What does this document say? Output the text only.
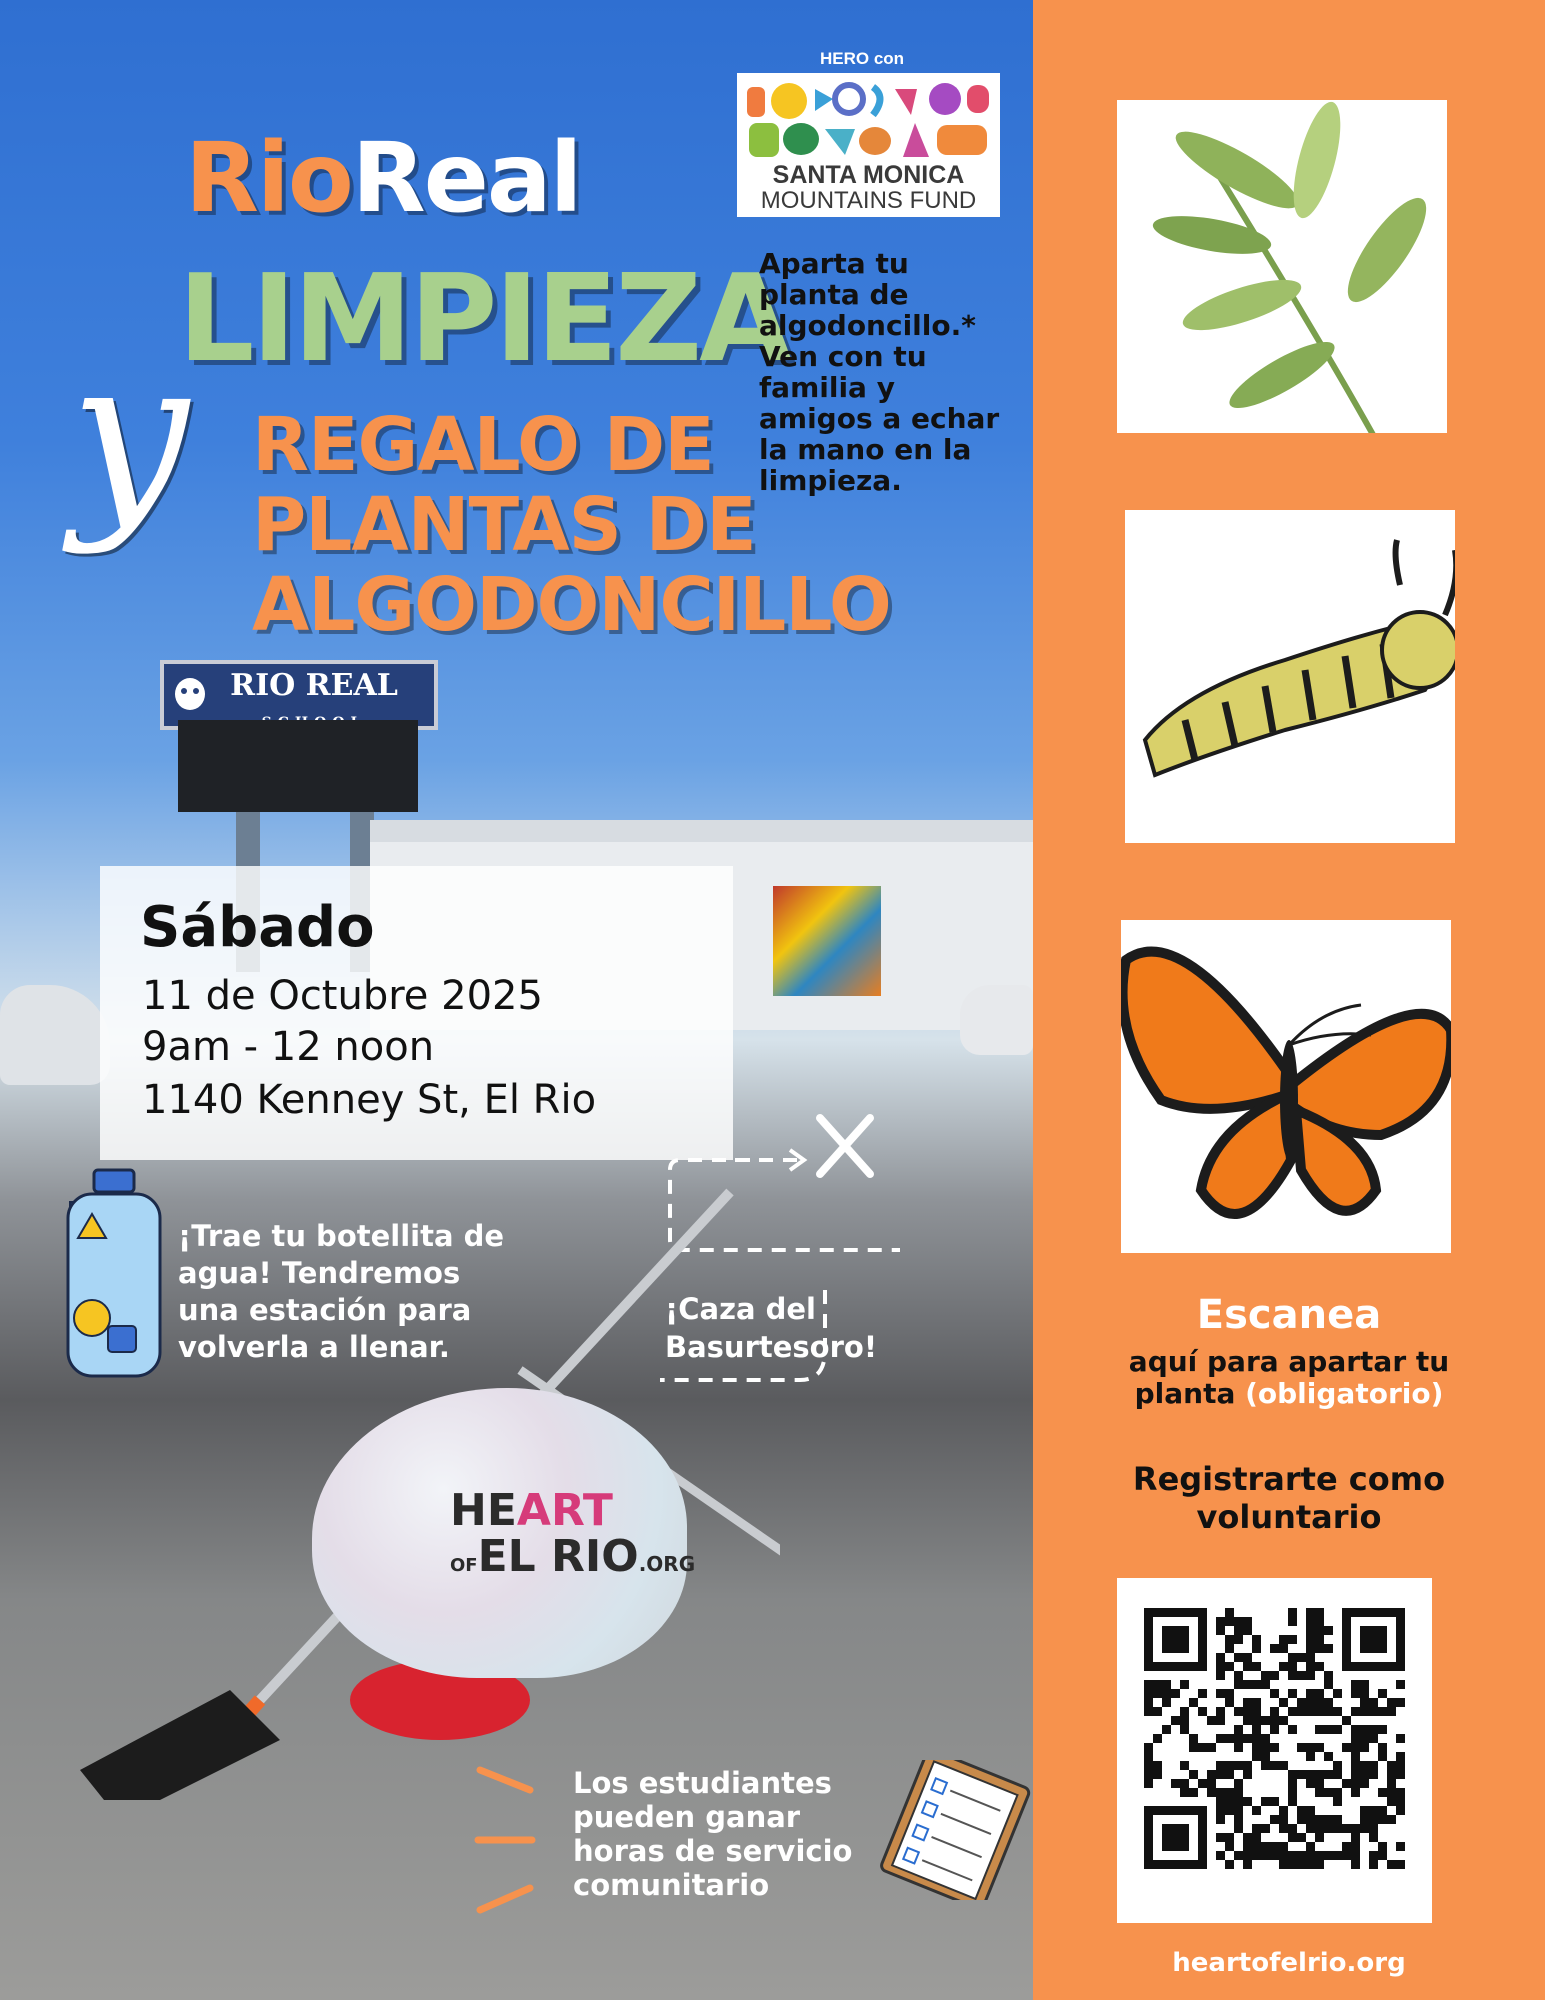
RIO REAL

RioReal
y
LIMPIEZA
REGALO DE
PLANTAS DE
ALGODONCILLO
HERO con
SANTA MONICA
MOUNTAINS FUND
Aparta tu
planta de
algodoncillo.*
Ven con tu
familia y
amigos a echar
la mano en la
limpieza.
Sábado
11 de Octubre 2025
9am - 12 noon
1140 Kenney St, El Rio
¡Trae tu botellita de
agua! Tendremos
una estación para
volverla a llenar.
¡Caza del
Basurtesoro!
HEART
OFEL RIO.ORG
Los estudiantes
pueden ganar
horas de servicio
comunitario
Escanea
aquí para apartar tu
planta (obligatorio)
Registrarte como
voluntario
heartofelrio.org
